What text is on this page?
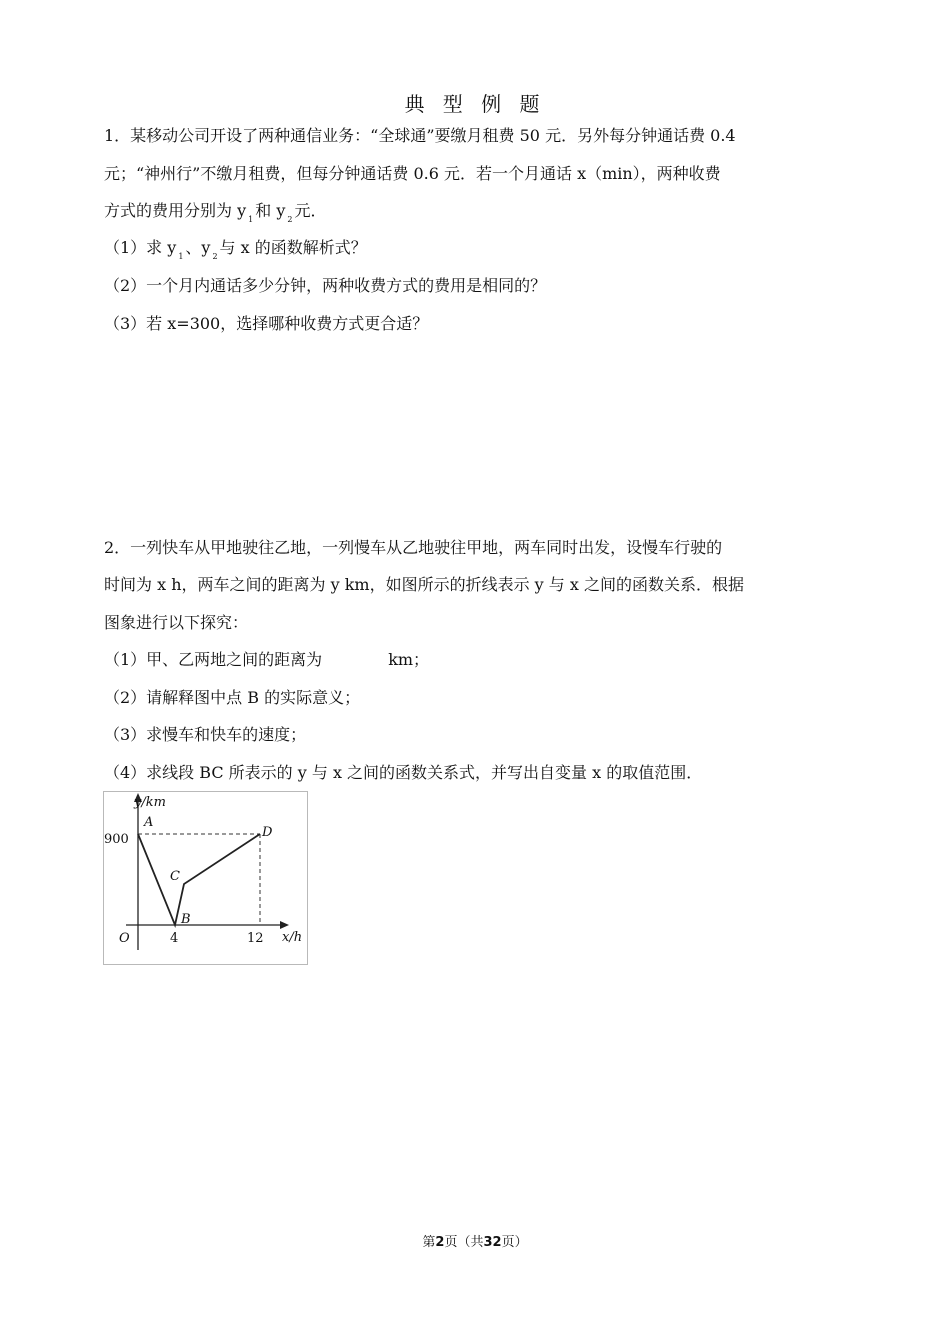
典 型 例 题
1．某移动公司开设了两种通信业务：“全球通”要缴月租费 50 元．另外每分钟通话费 0.4
元；“神州行”不缴月租费，但每分钟通话费 0.6 元．若一个月通话 x（min），两种收费
方式的费用分别为 y $_1$ 和 y $_2$ 元．
（1）求 y $_1$ 、y $_2$ 与 x 的函数解析式？
（2）一个月内通话多少分钟，两种收费方式的费用是相同的？
（3）若 x=300，选择哪种收费方式更合适？
2．一列快车从甲地驶往乙地，一列慢车从乙地驶往甲地，两车同时出发，设慢车行驶的
时间为 x h，两车之间的距离为 y km，如图所示的折线表示 y 与 x 之间的函数关系．根据
图象进行以下探究：
（1）甲、乙两地之间的距离为	km；
（2）请解释图中点 B 的实际意义；
（3）求慢车和快车的速度；
（4）求线段 BC 所表示的 y 与 x 之间的函数关系式，并写出自变量 x 的取值范围．
y/km
x/h
O
900
4	12
A
B
C
D
第2页（共32页）
